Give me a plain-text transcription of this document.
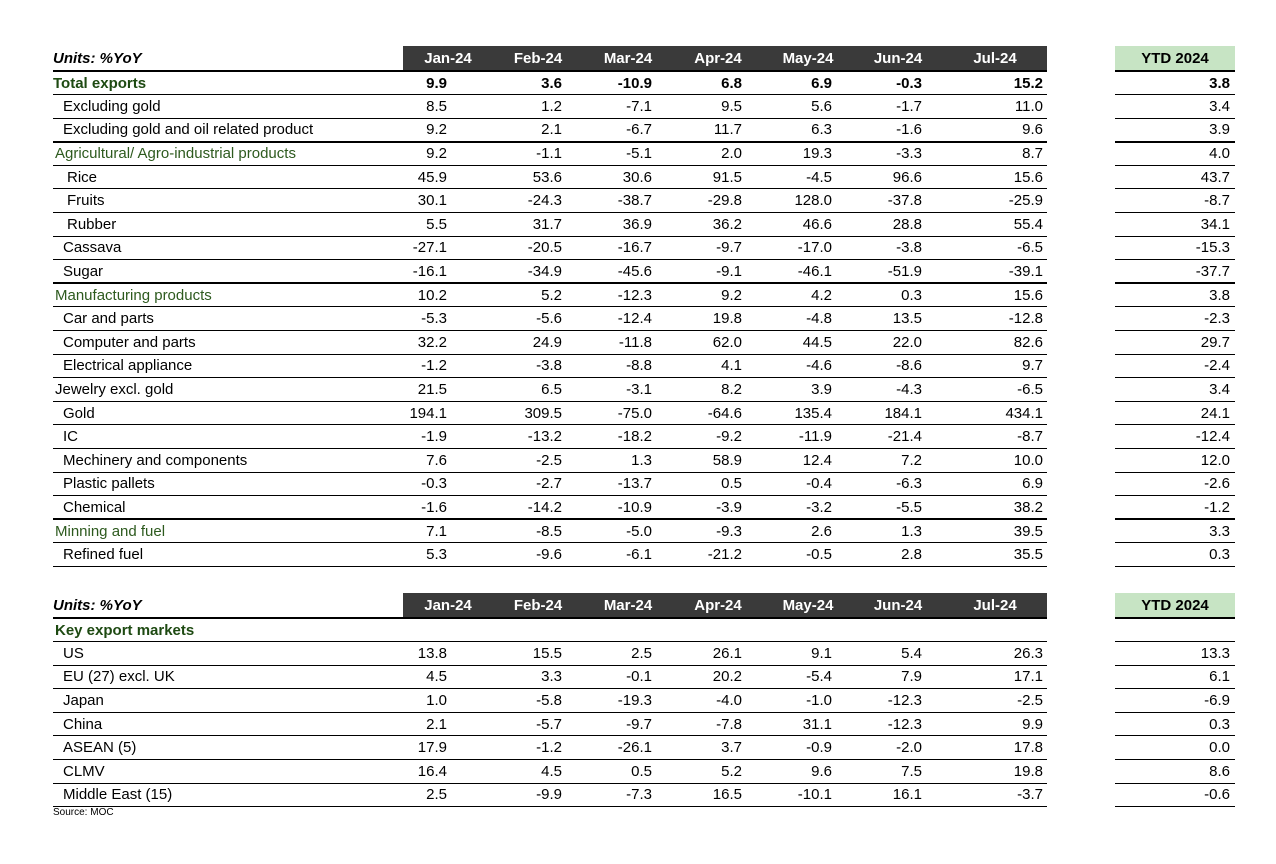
Units: %YoY	Jan-24	Feb-24	Mar-24	Apr-24	May-24	Jun-24	Jul-24		YTD 2024
Total exports	9.9	3.6	-10.9	6.8	6.9	-0.3	15.2		3.8
Excluding gold	8.5	1.2	-7.1	9.5	5.6	-1.7	11.0		3.4
Excluding gold and oil related product	9.2	2.1	-6.7	11.7	6.3	-1.6	9.6		3.9
Agricultural/ Agro-industrial products	9.2	-1.1	-5.1	2.0	19.3	-3.3	8.7		4.0
Rice	45.9	53.6	30.6	91.5	-4.5	96.6	15.6		43.7
Fruits	30.1	-24.3	-38.7	-29.8	128.0	-37.8	-25.9		-8.7
Rubber	5.5	31.7	36.9	36.2	46.6	28.8	55.4		34.1
Cassava	-27.1	-20.5	-16.7	-9.7	-17.0	-3.8	-6.5		-15.3
Sugar	-16.1	-34.9	-45.6	-9.1	-46.1	-51.9	-39.1		-37.7
Manufacturing products	10.2	5.2	-12.3	9.2	4.2	0.3	15.6		3.8
Car and parts	-5.3	-5.6	-12.4	19.8	-4.8	13.5	-12.8		-2.3
Computer and parts	32.2	24.9	-11.8	62.0	44.5	22.0	82.6		29.7
Electrical appliance	-1.2	-3.8	-8.8	4.1	-4.6	-8.6	9.7		-2.4
Jewelry excl. gold	21.5	6.5	-3.1	8.2	3.9	-4.3	-6.5		3.4
Gold	194.1	309.5	-75.0	-64.6	135.4	184.1	434.1		24.1
IC	-1.9	-13.2	-18.2	-9.2	-11.9	-21.4	-8.7		-12.4
Mechinery and components	7.6	-2.5	1.3	58.9	12.4	7.2	10.0		12.0
Plastic pallets	-0.3	-2.7	-13.7	0.5	-0.4	-6.3	6.9		-2.6
Chemical	-1.6	-14.2	-10.9	-3.9	-3.2	-5.5	38.2		-1.2
Minning and fuel	7.1	-8.5	-5.0	-9.3	2.6	1.3	39.5		3.3
Refined fuel	5.3	-9.6	-6.1	-21.2	-0.5	2.8	35.5		0.3
Units: %YoY	Jan-24	Feb-24	Mar-24	Apr-24	May-24	Jun-24	Jul-24		YTD 2024
Key export markets									
US	13.8	15.5	2.5	26.1	9.1	5.4	26.3		13.3
EU (27) excl. UK	4.5	3.3	-0.1	20.2	-5.4	7.9	17.1		6.1
Japan	1.0	-5.8	-19.3	-4.0	-1.0	-12.3	-2.5		-6.9
China	2.1	-5.7	-9.7	-7.8	31.1	-12.3	9.9		0.3
ASEAN (5)	17.9	-1.2	-26.1	3.7	-0.9	-2.0	17.8		0.0
CLMV	16.4	4.5	0.5	5.2	9.6	7.5	19.8		8.6
Middle East (15)	2.5	-9.9	-7.3	16.5	-10.1	16.1	-3.7		-0.6
Source: MOC
